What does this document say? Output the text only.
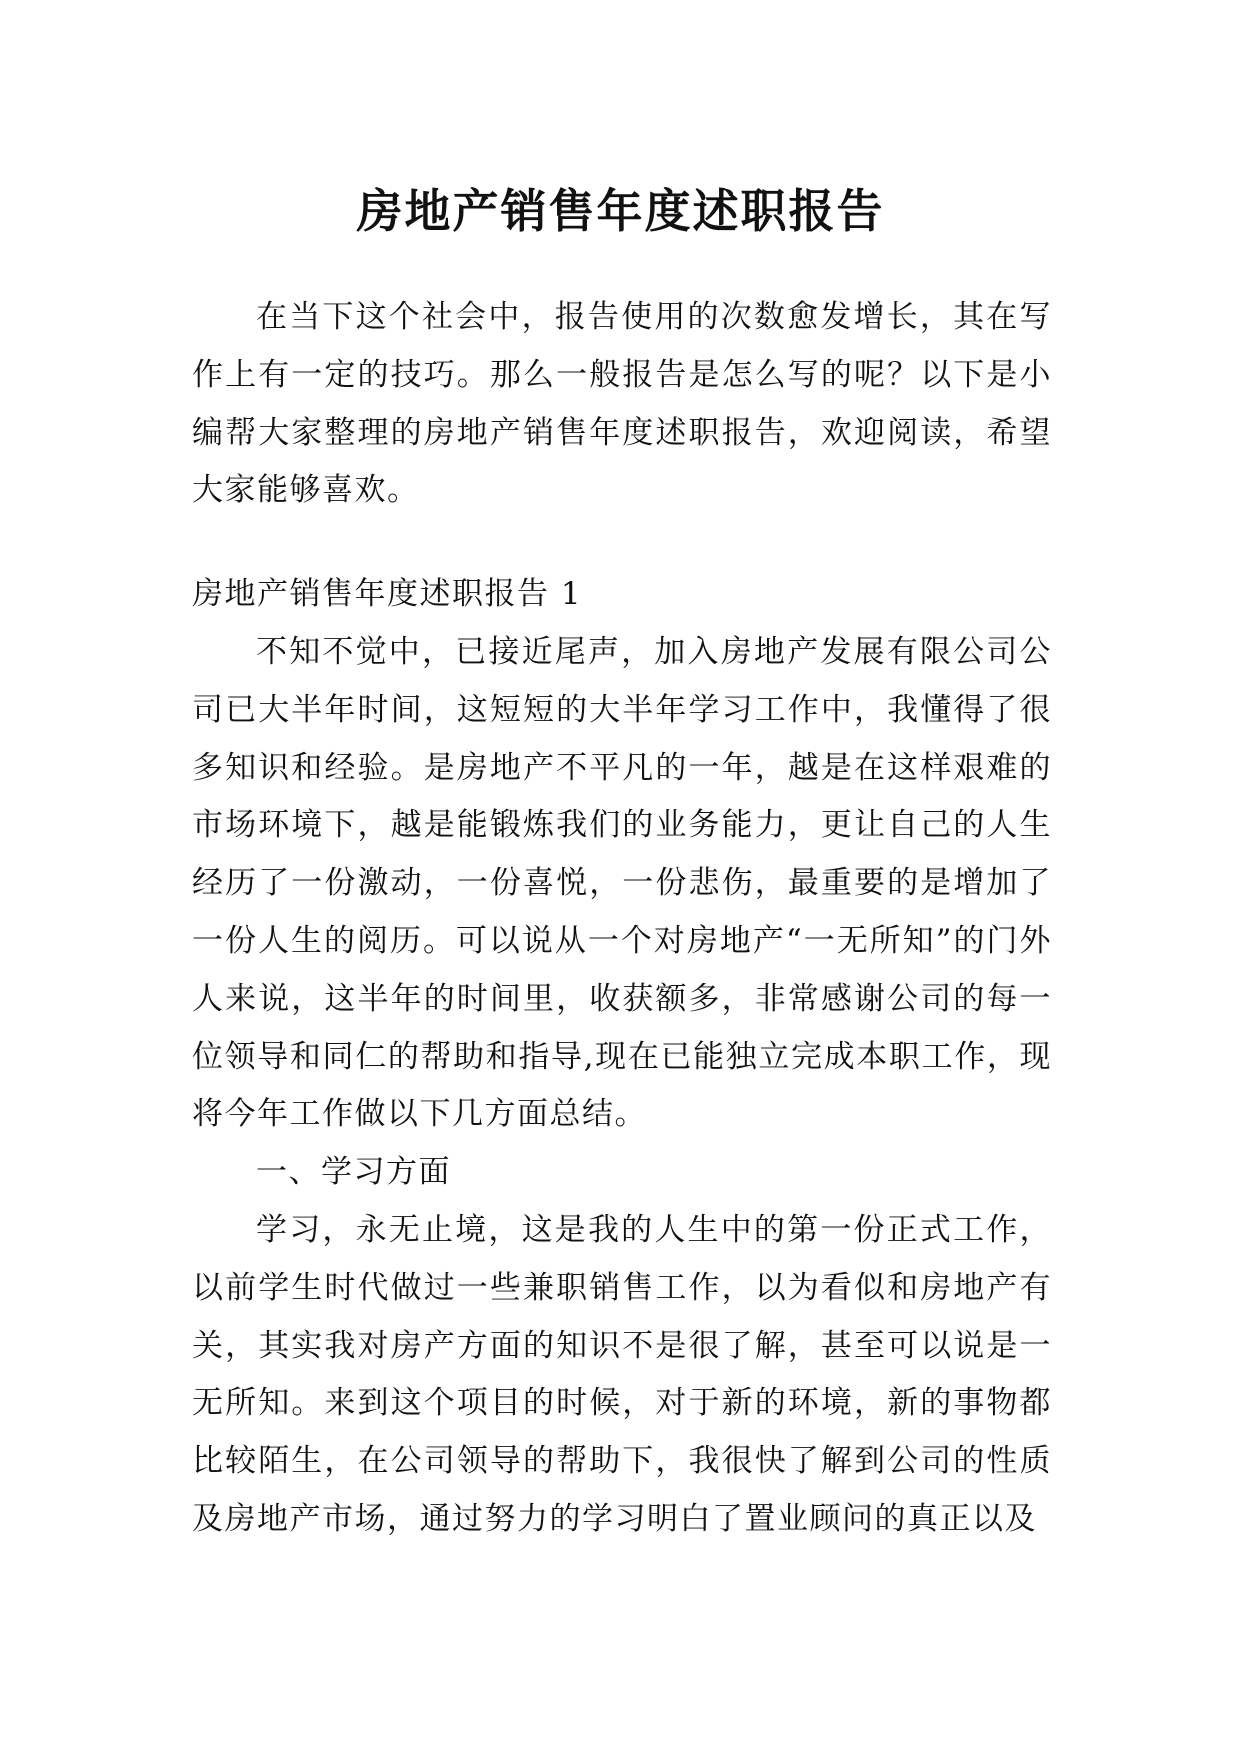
房地产销售年度述职报告

在当下这个社会中，报告使用的次数愈发增长，其在写作上有一定的技巧。那么一般报告是怎么写的呢？以下是小编帮大家整理的房地产销售年度述职报告，欢迎阅读，希望大家能够喜欢。

房地产销售年度述职报告 1

不知不觉中，已接近尾声，加入房地产发展有限公司公司已大半年时间，这短短的大半年学习工作中，我懂得了很多知识和经验。是房地产不平凡的一年，越是在这样艰难的市场环境下，越是能锻炼我们的业务能力，更让自己的人生经历了一份激动，一份喜悦，一份悲伤，最重要的是增加了一份人生的阅历。可以说从一个对房地产“一无所知”的门外人来说，这半年的时间里，收获额多，非常感谢公司的每一位领导和同仁的帮助和指导,现在已能独立完成本职工作，现将今年工作做以下几方面总结。

一、学习方面

学习，永无止境，这是我的人生中的第一份正式工作，以前学生时代做过一些兼职销售工作，以为看似和房地产有关，其实我对房产方面的知识不是很了解，甚至可以说是一无所知。来到这个项目的时候，对于新的环境，新的事物都比较陌生，在公司领导的帮助下，我很快了解到公司的性质及房地产市场，通过努力的学习明白了置业顾问的真正以及
